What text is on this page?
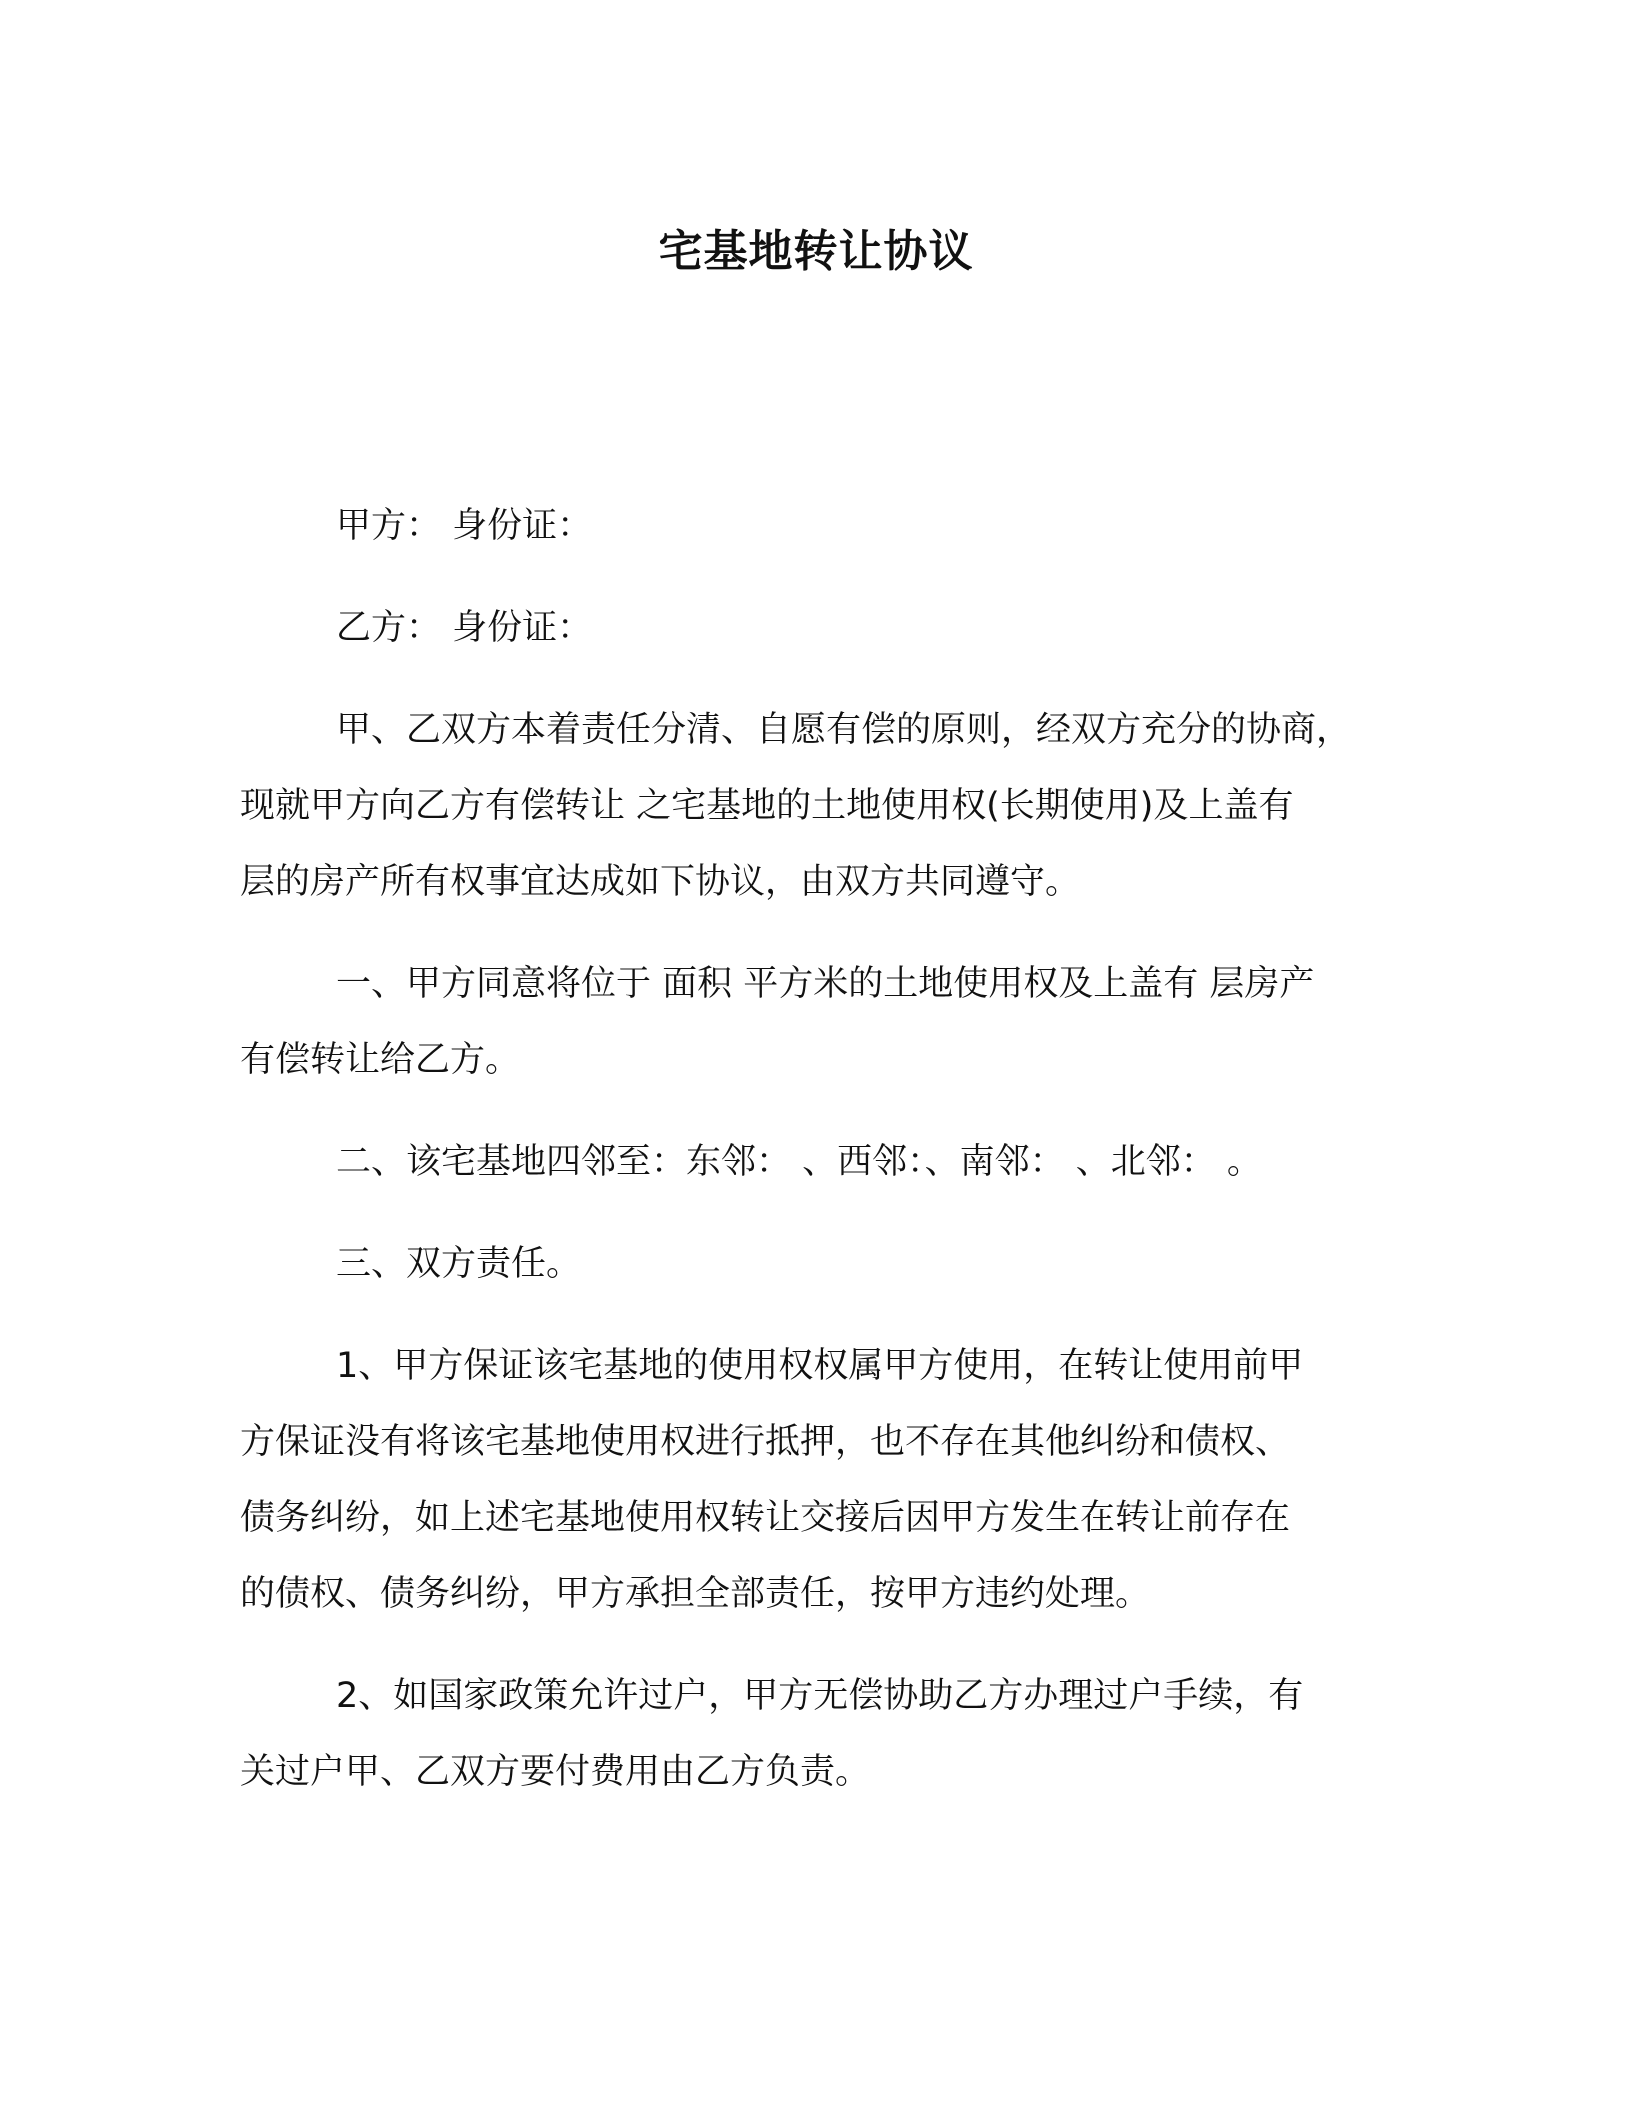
宅基地转让协议

甲方： 身份证：

乙方： 身份证：

甲、乙双方本着责任分清、自愿有偿的原则，经双方充分的协商，
现就甲方向乙方有偿转让 之宅基地的土地使用权(长期使用)及上盖有
层的房产所有权事宜达成如下协议，由双方共同遵守。

一、甲方同意将位于 面积 平方米的土地使用权及上盖有 层房产
有偿转让给乙方。

二、该宅基地四邻至：东邻： 、西邻：、南邻： 、北邻： 。

三、双方责任。

1、甲方保证该宅基地的使用权权属甲方使用，在转让使用前甲
方保证没有将该宅基地使用权进行抵押，也不存在其他纠纷和债权、
债务纠纷，如上述宅基地使用权转让交接后因甲方发生在转让前存在
的债权、债务纠纷，甲方承担全部责任，按甲方违约处理。

2、如国家政策允许过户，甲方无偿协助乙方办理过户手续，有
关过户甲、乙双方要付费用由乙方负责。
